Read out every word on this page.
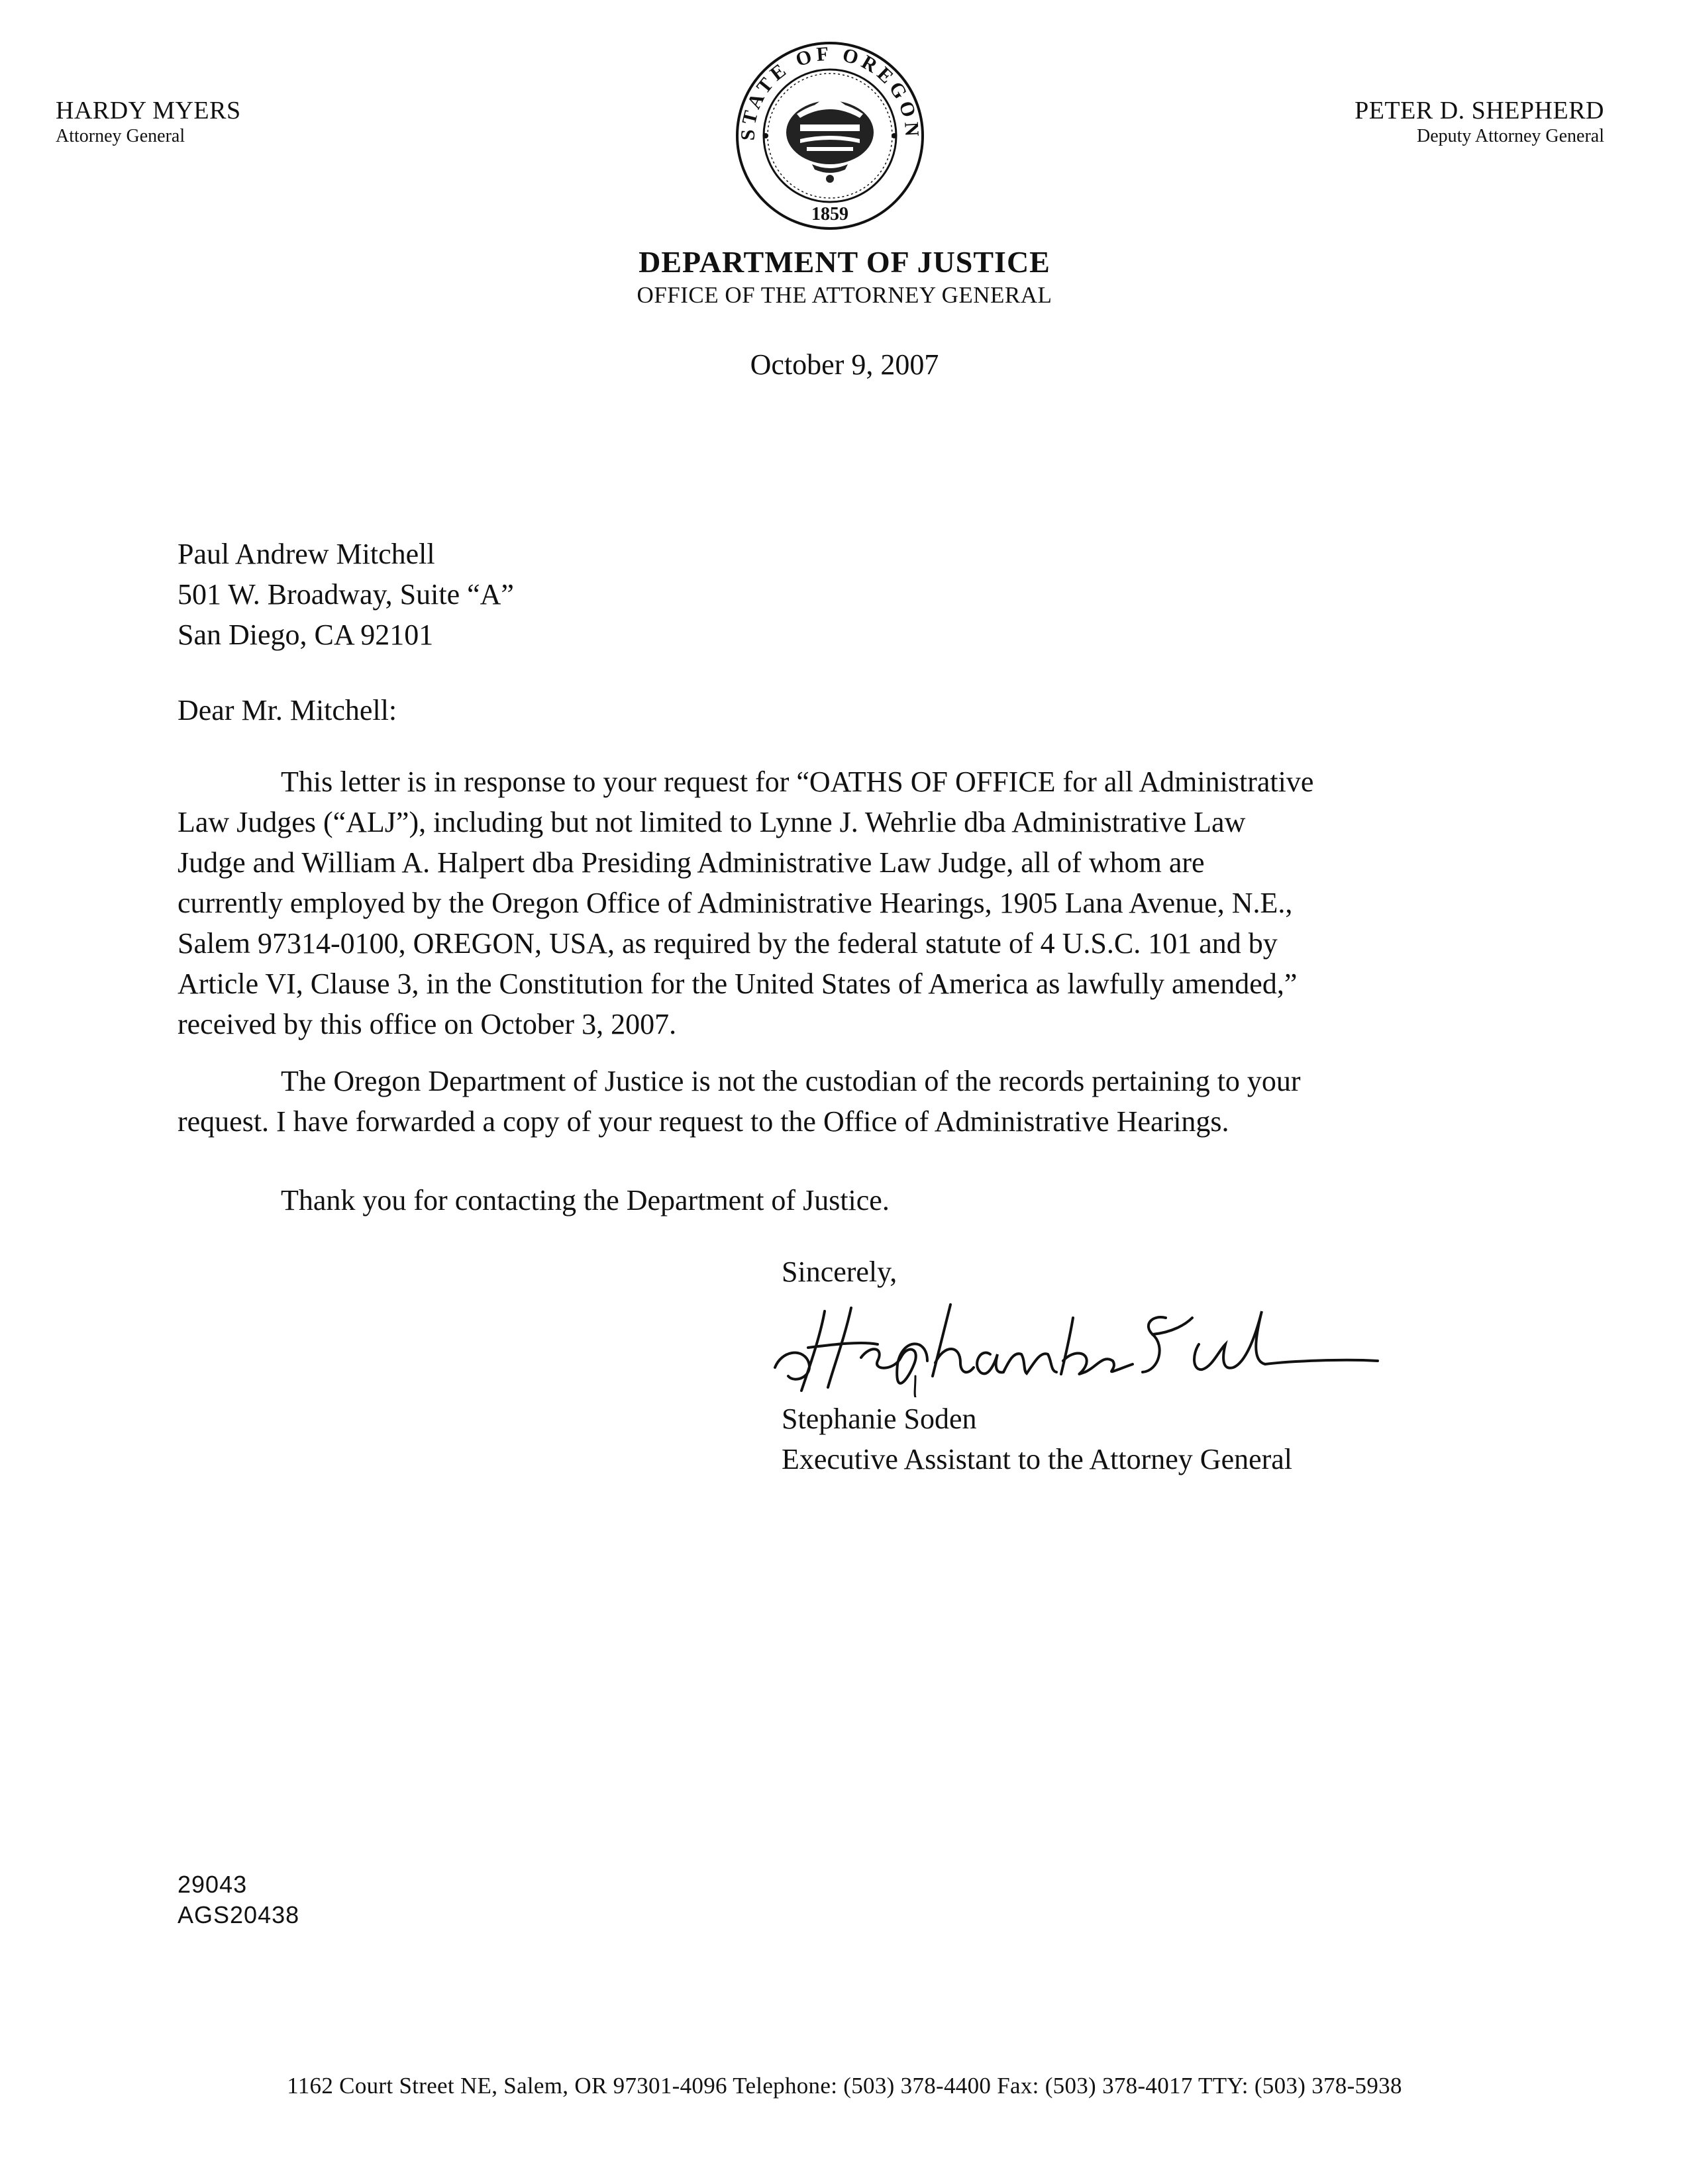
HARDY MYERS
Attorney General	STATE OF OREGON
1859
PETER D. SHEPHERD
Deputy Attorney General
DEPARTMENT OF JUSTICE
OFFICE OF THE ATTORNEY GENERAL
October 9, 2007
Paul Andrew Mitchell
501 W. Broadway, Suite “A”
San Diego, CA 92101
Dear Mr. Mitchell:
This letter is in response to your request for “OATHS OF OFFICE for all Administrative
Law Judges (“ALJ”), including but not limited to Lynne J. Wehrlie dba Administrative Law
Judge and William A. Halpert dba Presiding Administrative Law Judge, all of whom are
currently employed by the Oregon Office of Administrative Hearings, 1905 Lana Avenue, N.E.,
Salem 97314-0100, OREGON, USA, as required by the federal statute of 4 U.S.C. 101 and by
Article VI, Clause 3, in the Constitution for the United States of America as lawfully amended,”
received by this office on October 3, 2007.
The Oregon Department of Justice is not the custodian of the records pertaining to your
request. I have forwarded a copy of your request to the Office of Administrative Hearings.
Thank you for contacting the Department of Justice.
Sincerely,
Stephanie Soden
Executive Assistant to the Attorney General
29043
AGS20438
1162 Court Street NE, Salem, OR 97301-4096 Telephone: (503) 378-4400 Fax: (503) 378-4017 TTY: (503) 378-5938
